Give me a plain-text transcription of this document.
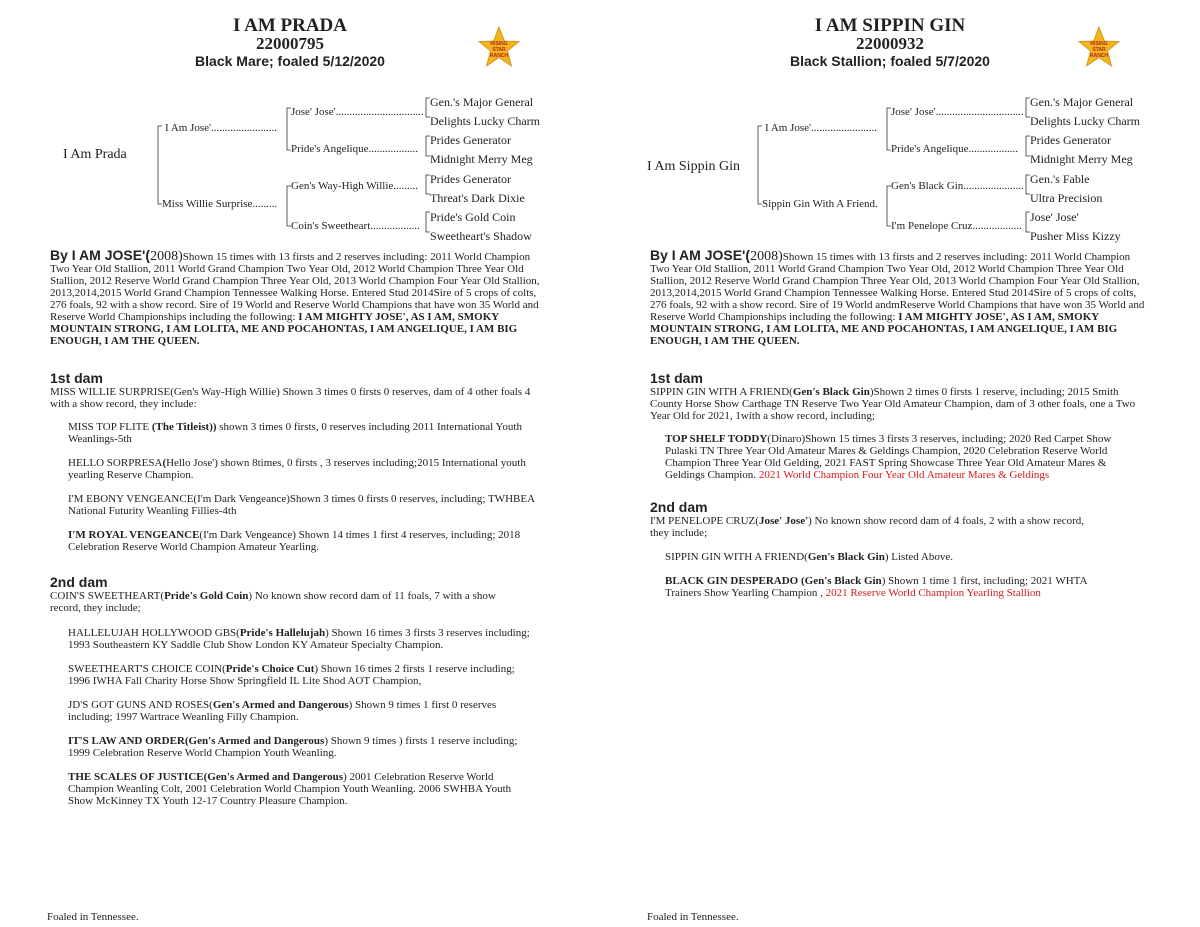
I AM PRADA
22000795
Black Mare; foaled 5/12/2020
RISING
STAR
RANCH
I Am Prada
I Am Jose'........................
Miss Willie Surprise.........
Jose' Jose'................................
Pride's Angelique..................
Gen's Way-High Willie.........
Coin's Sweetheart..................
Gen.'s Major General
Delights Lucky Charm
Prides Generator
Midnight Merry Meg
Prides Generator
Threat's Dark Dixie
Pride's Gold Coin
Sweetheart's Shadow

By I AM JOSE'(2008)Shown 15 times with 13 firsts and 2 reserves including: 2011 World Champion Two Year Old Stallion, 2011 World Grand Champion Two Year Old, 2012 World Champion Three Year Old Stallion, 2012 Reserve World Grand Champion Three Year Old, 2013 World Champion Four Year Old Stallion, 2013,2014,2015 World Grand Champion Tennessee Walking Horse. Entered Stud 2014Sire of 5 crops of colts, 276 foals, 92 with a show record. Sire of 19 World and Reserve World Champions that have won 35 World and Reserve World Championships including the following: I AM MIGHTY JOSE', AS I AM, SMOKY MOUNTAIN STRONG, I AM LOLITA, ME AND POCAHONTAS, I AM ANGELIQUE, I AM BIG ENOUGH, I AM THE QUEEN.

1st dam

MISS WILLIE SURPRISE(Gen's Way-High Willie) Shown 3 times 0 firsts 0 reserves, dam of 4 other foals 4 with a show record, they include:

MISS TOP FLITE (The Titleist)) shown 3 times 0 firsts, 0 reserves including 2011 International Youth Weanlings-5th

HELLO SORPRESA(Hello Jose') shown 8times, 0 firsts , 3 reserves including;2015 International youth yearling Reserve Champion.

I'M EBONY VENGEANCE(I'm Dark Vengeance)Shown 3 times 0 firsts 0 reserves, including; TWHBEA National Futurity Weanling Fillies-4th

I'M ROYAL VENGEANCE(I'm Dark Vengeance) Shown 14 times 1 first 4 reserves, including; 2018 Celebration Reserve World Champion Amateur Yearling.

2nd dam

COIN'S SWEETHEART(Pride's Gold Coin) No known show record dam of 11 foals, 7 with a show record, they include;

HALLELUJAH HOLLYWOOD GBS(Pride's Hallelujah) Shown 16 times 3 firsts 3 reserves including; 1993 Southeastern KY Saddle Club Show London KY Amateur Specialty Champion.

SWEETHEART'S CHOICE COIN(Pride's Choice Cut) Shown 16 times 2 firsts 1 reserve including; 1996 IWHA Fall Charity Horse Show Springfield IL Lite Shod AOT Champion,

JD'S GOT GUNS AND ROSES(Gen's Armed and Dangerous) Shown 9 times 1 first 0 reserves including; 1997 Wartrace Weanling Filly Champion.

IT'S LAW AND ORDER(Gen's Armed and Dangerous) Shown 9 times ) firsts 1 reserve including; 1999 Celebration Reserve World Champion Youth Weanling.

THE SCALES OF JUSTICE(Gen's Armed and Dangerous) 2001 Celebration Reserve World Champion Weanling Colt, 2001 Celebration World Champion Youth Weanling. 2006 SWHBA Youth Show McKinney TX Youth 12-17 Country Pleasure Champion.

Foaled in Tennessee.
I AM SIPPIN GIN
22000932
Black Stallion; foaled 5/7/2020
RISING
STAR
RANCH
I Am Sippin Gin
I Am Jose'........................
Sippin Gin With A Friend.
Jose' Jose'................................
Pride's Angelique..................
Gen's Black Gin......................
I'm Penelope Cruz..................
Gen.'s Major General
Delights Lucky Charm
Prides Generator
Midnight Merry Meg
Gen.'s Fable
Ultra Precision
Jose' Jose'
Pusher Miss Kizzy

By I AM JOSE'(2008)Shown 15 times with 13 firsts and 2 reserves including: 2011 World Champion Two Year Old Stallion, 2011 World Grand Champion Two Year Old, 2012 World Champion Three Year Old Stallion, 2012 Reserve World Grand Champion Three Year Old, 2013 World Champion Four Year Old Stallion, 2013,2014,2015 World Grand Champion Tennessee Walking Horse. Entered Stud 2014Sire of 5 crops of colts, 276 foals, 92 with a show record. Sire of 19 World andmReserve World Champions that have won 35 World and Reserve World Championships including the following: I AM MIGHTY JOSE', AS I AM, SMOKY MOUNTAIN STRONG, I AM LOLITA, ME AND POCAHONTAS, I AM ANGELIQUE, I AM BIG ENOUGH, I AM THE QUEEN.

1st dam

SIPPIN GIN WITH A FRIEND(Gen's Black Gin)Shown 2 times 0 firsts 1 reserve, including; 2015 Smith County Horse Show Carthage TN Reserve Two Year Old Amateur Champion, dam of 3 other foals, one a Two Year Old for 2021, 1with a show record, including;

TOP SHELF TODDY(Dinaro)Shown 15 times 3 firsts 3 reserves, including; 2020 Red Carpet Show Pulaski TN Three Year Old Amateur Mares & Geldings Champion, 2020 Celebration Reserve World Champion Three Year Old Gelding, 2021 FAST Spring Showcase Three Year Old Amateur Mares & Geldings Champion. 2021 World Champion Four Year Old Amateur Mares & Geldings

2nd dam

I'M PENELOPE CRUZ(Jose' Jose') No known show record dam of 4 foals, 2 with a show record, they include;

SIPPIN GIN WITH A FRIEND(Gen's Black Gin) Listed Above.

BLACK GIN DESPERADO (Gen's Black Gin) Shown 1 time 1 first, including; 2021 WHTA Trainers Show Yearling Champion , 2021 Reserve World Champion Yearling Stallion

Foaled in Tennessee.
